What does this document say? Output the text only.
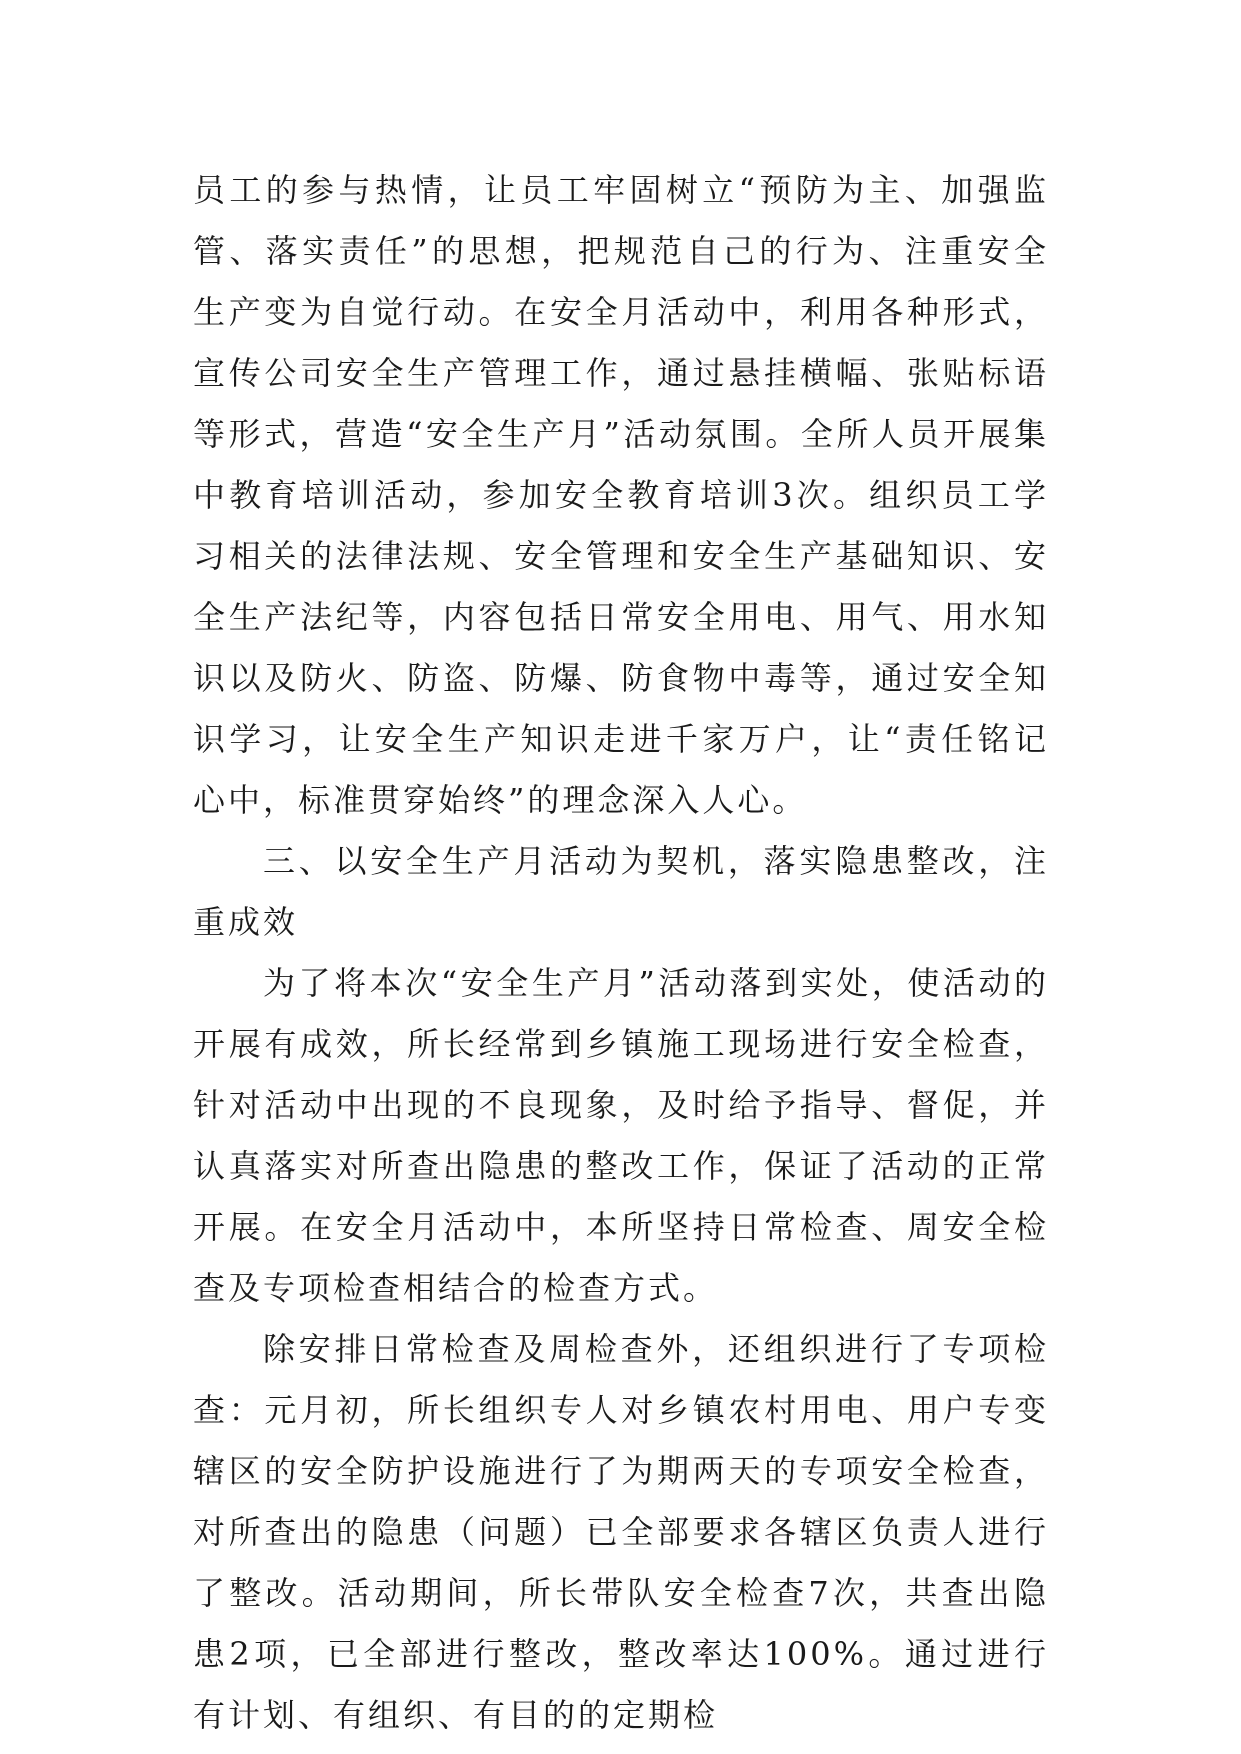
员工的参与热情，让员工牢固树立“预防为主、加强监管、落实责任”的思想，把规范自己的行为、注重安全生产变为自觉行动。在安全月活动中，利用各种形式，宣传公司安全生产管理工作，通过悬挂横幅、张贴标语等形式，营造“安全生产月”活动氛围。全所人员开展集中教育培训活动，参加安全教育培训3次。组织员工学习相关的法律法规、安全管理和安全生产基础知识、安全生产法纪等，内容包括日常安全用电、用气、用水知识以及防火、防盗、防爆、防食物中毒等，通过安全知识学习，让安全生产知识走进千家万户，让“责任铭记心中，标准贯穿始终”的理念深入人心。

三、以安全生产月活动为契机，落实隐患整改，注重成效

为了将本次“安全生产月”活动落到实处，使活动的开展有成效，所长经常到乡镇施工现场进行安全检查，针对活动中出现的不良现象，及时给予指导、督促，并认真落实对所查出隐患的整改工作，保证了活动的正常开展。在安全月活动中，本所坚持日常检查、周安全检查及专项检查相结合的检查方式。

除安排日常检查及周检查外，还组织进行了专项检查：元月初，所长组织专人对乡镇农村用电、用户专变辖区的安全防护设施进行了为期两天的专项安全检查，对所查出的隐患（问题）已全部要求各辖区负责人进行了整改。活动期间，所长带队安全检查7次，共查出隐患2项，已全部进行整改，整改率达100%。通过进行有计划、有组织、有目的的定期检
